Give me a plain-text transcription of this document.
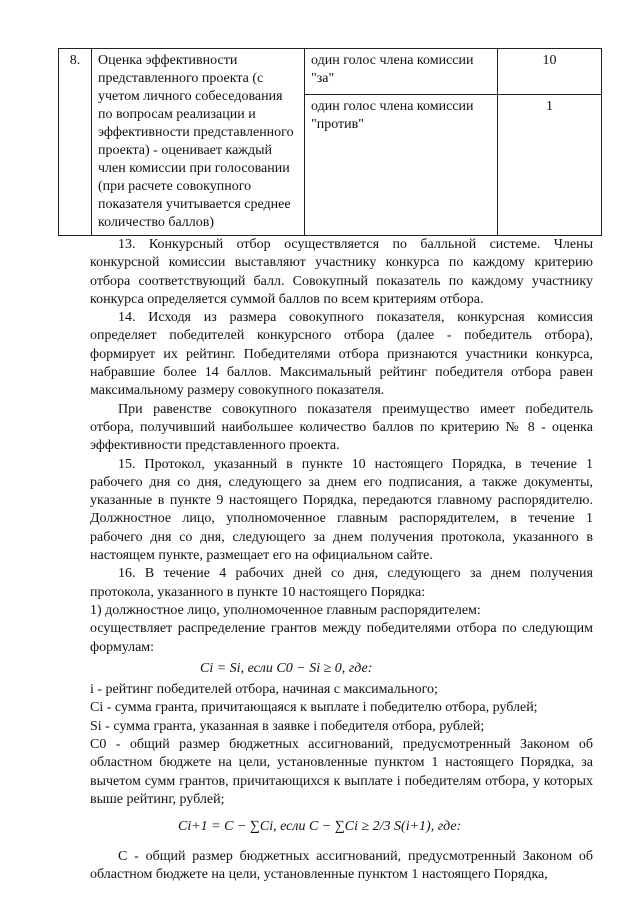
8.	Оценка эффективности представленного проекта (с учетом личного собеседования по вопросам реализации и эффективности представленного проекта) - оценивает каждый член комиссии при голосовании (при расчете совокупного показателя учитывается среднее количество баллов)	один голос члена комиссии "за"	10
		один голос члена комиссии "против"	1

13. Конкурсный отбор осуществляется по балльной системе. Члены конкурсной комиссии выставляют участнику конкурса по каждому критерию отбора соответствующий балл. Совокупный показатель по каждому участнику конкурса определяется суммой баллов по всем критериям отбора.

14. Исходя из размера совокупного показателя, конкурсная комиссия определяет победителей конкурсного отбора (далее - победитель отбора), формирует их рейтинг. Победителями отбора признаются участники конкурса, набравшие более 14 баллов. Максимальный рейтинг победителя отбора равен максимальному размеру совокупного показателя.

При равенстве совокупного показателя преимущество имеет победитель отбора, получивший наибольшее количество баллов по критерию № 8 - оценка эффективности представленного проекта.

15. Протокол, указанный в пункте 10 настоящего Порядка, в течение 1 рабочего дня со дня, следующего за днем его подписания, а также документы, указанные в пункте 9 настоящего Порядка, передаются главному распорядителю. Должностное лицо, уполномоченное главным распорядителем, в течение 1 рабочего дня со дня, следующего за днем получения протокола, указанного в настоящем пункте, размещает его на официальном сайте.

16. В течение 4 рабочих дней со дня, следующего за днем получения протокола, указанного в пункте 10 настоящего Порядка:

1) должностное лицо, уполномоченное главным распорядителем:

осуществляет распределение грантов между победителями отбора по следующим формулам:

Ci = Si, если C0 − Si ≥ 0, где:

i - рейтинг победителей отбора, начиная с максимального;

Ci - сумма гранта, причитающаяся к выплате i победителю отбора, рублей;

Si - сумма гранта, указанная в заявке i победителя отбора, рублей;

C0 - общий размер бюджетных ассигнований, предусмотренный Законом об областном бюджете на цели, установленные пунктом 1 настоящего Порядка, за вычетом сумм грантов, причитающихся к выплате i победителям отбора, у которых выше рейтинг, рублей;

Ci+1 = C − ∑Ci, если C − ∑Ci ≥ 2/3 S(i+1), где:

С - общий размер бюджетных ассигнований, предусмотренный Законом об областном бюджете на цели, установленные пунктом 1 настоящего Порядка,
